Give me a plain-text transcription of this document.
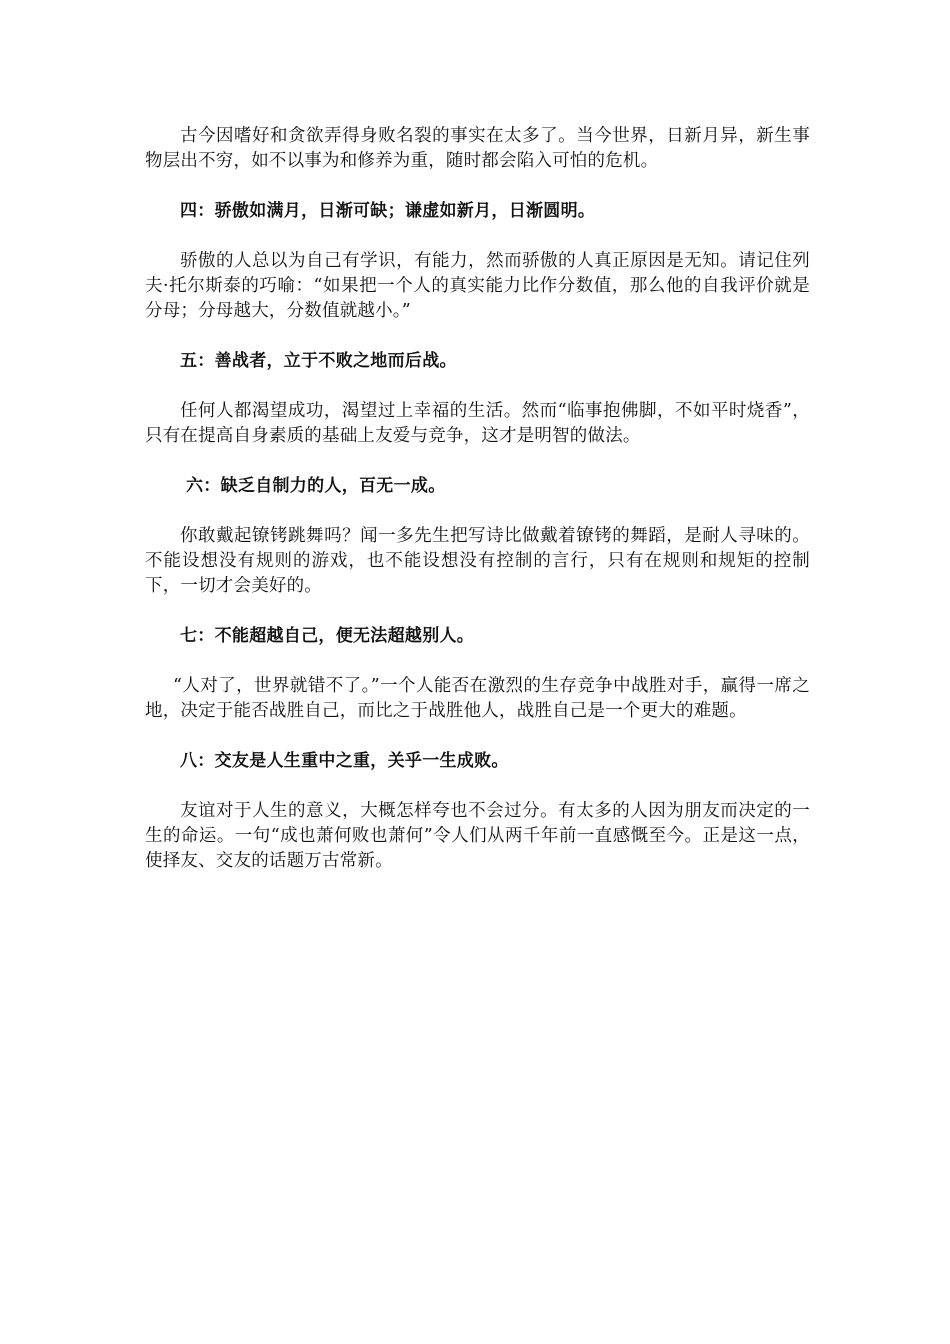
古今因嗜好和贪欲弄得身败名裂的事实在太多了。当今世界，日新月异，新生事物层出不穷，如不以事为和修养为重，随时都会陷入可怕的危机。

四：骄傲如满月，日渐可缺；谦虚如新月，日渐圆明。

骄傲的人总以为自己有学识，有能力，然而骄傲的人真正原因是无知。请记住列夫·托尔斯泰的巧喻：“如果把一个人的真实能力比作分数值，那么他的自我评价就是分母；分母越大，分数值就越小。”

五：善战者，立于不败之地而后战。

任何人都渴望成功，渴望过上幸福的生活。然而“临事抱佛脚，不如平时烧香”，只有在提高自身素质的基础上友爱与竞争，这才是明智的做法。

六：缺乏自制力的人，百无一成。

你敢戴起镣铐跳舞吗？闻一多先生把写诗比做戴着镣铐的舞蹈，是耐人寻味的。不能设想没有规则的游戏，也不能设想没有控制的言行，只有在规则和规矩的控制下，一切才会美好的。

七：不能超越自己，便无法超越别人。

“人对了，世界就错不了。”一个人能否在激烈的生存竞争中战胜对手，赢得一席之地，决定于能否战胜自己，而比之于战胜他人，战胜自己是一个更大的难题。

八：交友是人生重中之重，关乎一生成败。

友谊对于人生的意义，大概怎样夸也不会过分。有太多的人因为朋友而决定的一生的命运。一句“成也萧何败也萧何”令人们从两千年前一直感慨至今。正是这一点，使择友、交友的话题万古常新。
